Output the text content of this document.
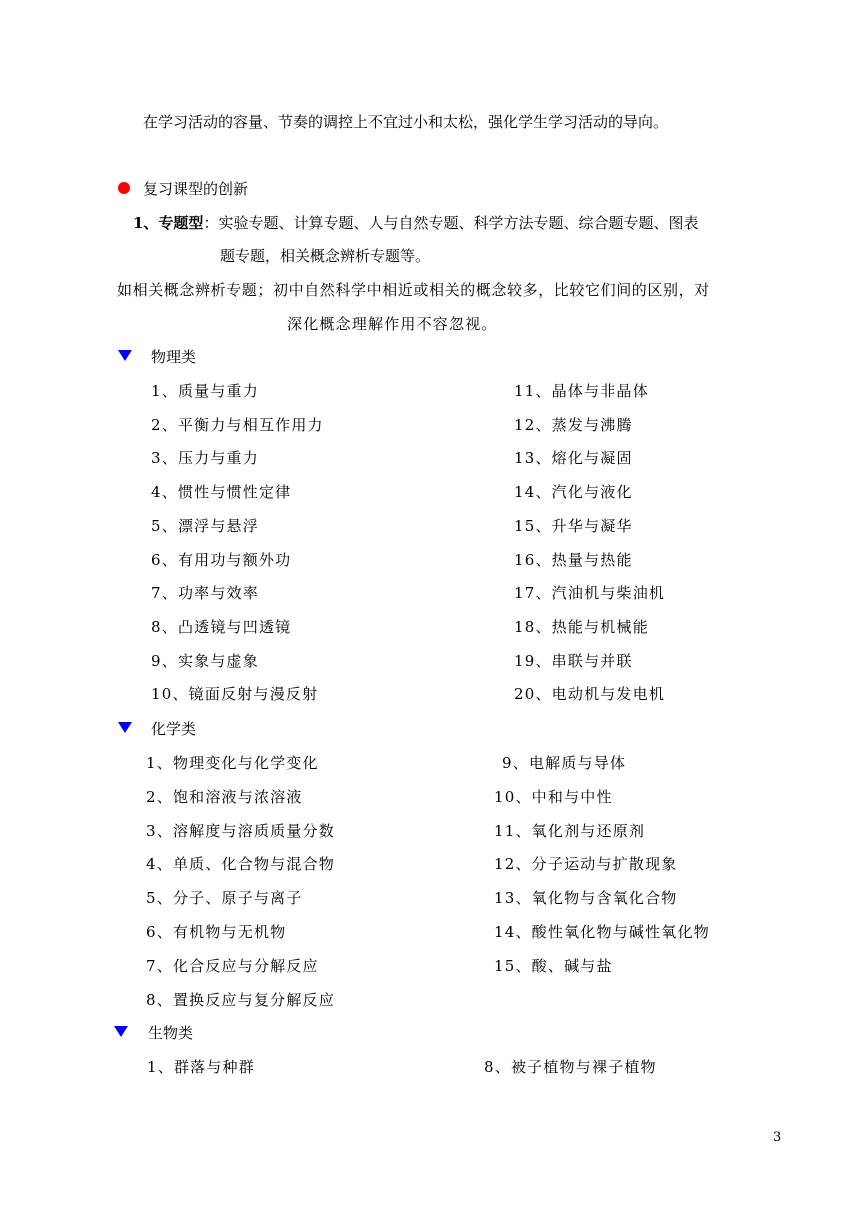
在学习活动的容量、节奏的调控上不宜过小和太松，强化学生学习活动的导向。
复习课型的创新
1、专题型：实验专题、计算专题、人与自然专题、科学方法专题、综合题专题、图表
题专题，相关概念辨析专题等。
如相关概念辨析专题；初中自然科学中相近或相关的概念较多，比较它们间的区别，对
深化概念理解作用不容忽视。
物理类
1、质量与重力
2、平衡力与相互作用力
3、压力与重力
4、惯性与惯性定律
5、漂浮与悬浮
6、有用功与额外功
7、功率与效率
8、凸透镜与凹透镜
9、实象与虚象
10、镜面反射与漫反射
11、晶体与非晶体
12、蒸发与沸腾
13、熔化与凝固
14、汽化与液化
15、升华与凝华
16、热量与热能
17、汽油机与柴油机
18、热能与机械能
19、串联与并联
20、电动机与发电机
化学类
1、物理变化与化学变化
2、饱和溶液与浓溶液
3、溶解度与溶质质量分数
4、单质、化合物与混合物
5、分子、原子与离子
6、有机物与无机物
7、化合反应与分解反应
8、置换反应与复分解反应
9、电解质与导体
10、中和与中性
11、氧化剂与还原剂
12、分子运动与扩散现象
13、氧化物与含氧化合物
14、酸性氧化物与碱性氧化物
15、酸、碱与盐
生物类
1、群落与种群	8、被子植物与裸子植物
3
